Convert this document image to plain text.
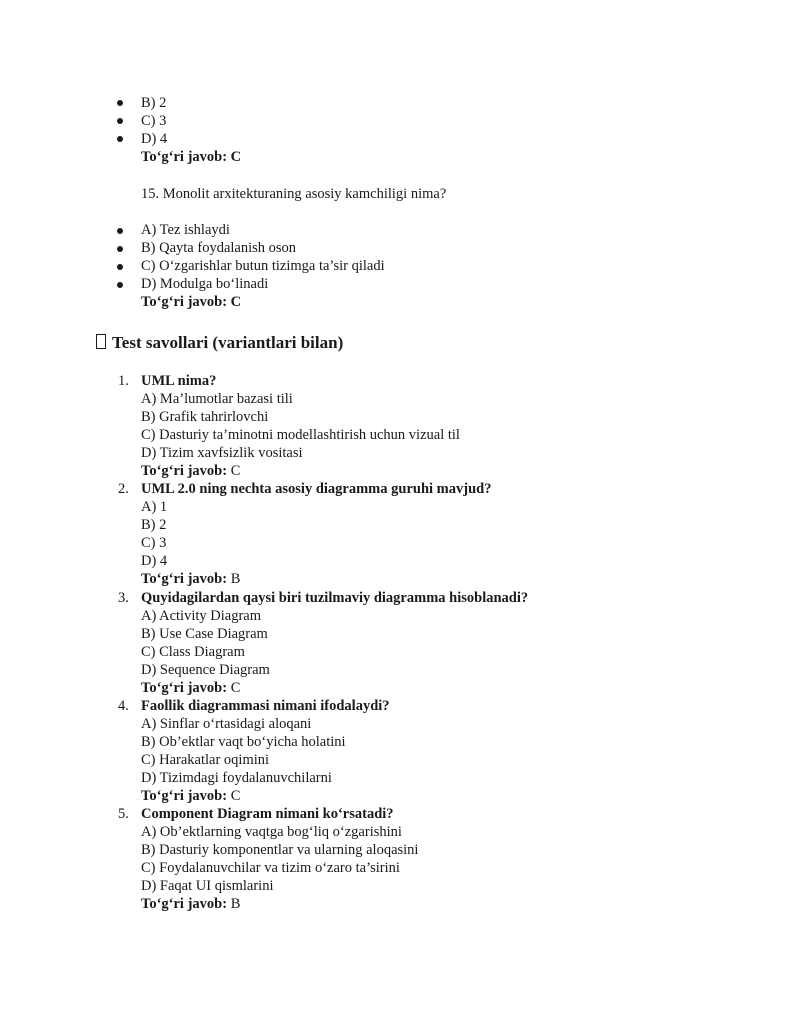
B) 2
C) 3
D) 4
To‘g‘ri javob: C
15. Monolit arxitekturaning asosiy kamchiligi nima?
A) Tez ishlaydi
B) Qayta foydalanish oson
C) O‘zgarishlar butun tizimga ta’sir qiladi
D) Modulga bo‘linadi
To‘g‘ri javob: C
Test savollari (variantlari bilan)
1. UML nima?
A) Ma’lumotlar bazasi tili
B) Grafik tahrirlovchi
C) Dasturiy ta’minotni modellashtirish uchun vizual til
D) Tizim xavfsizlik vositasi
To‘g‘ri javob: C
2. UML 2.0 ning nechta asosiy diagramma guruhi mavjud?
A) 1
B) 2
C) 3
D) 4
To‘g‘ri javob: B
3. Quyidagilardan qaysi biri tuzilmaviy diagramma hisoblanadi?
A) Activity Diagram
B) Use Case Diagram
C) Class Diagram
D) Sequence Diagram
To‘g‘ri javob: C
4. Faollik diagrammasi nimani ifodalaydi?
A) Sinflar o‘rtasidagi aloqani
B) Ob’ektlar vaqt bo‘yicha holatini
C) Harakatlar oqimini
D) Tizimdagi foydalanuvchilarni
To‘g‘ri javob: C
5. Component Diagram nimani ko‘rsatadi?
A) Ob’ektlarning vaqtga bog‘liq o‘zgarishini
B) Dasturiy komponentlar va ularning aloqasini
C) Foydalanuvchilar va tizim o‘zaro ta’sirini
D) Faqat UI qismlarini
To‘g‘ri javob: B
